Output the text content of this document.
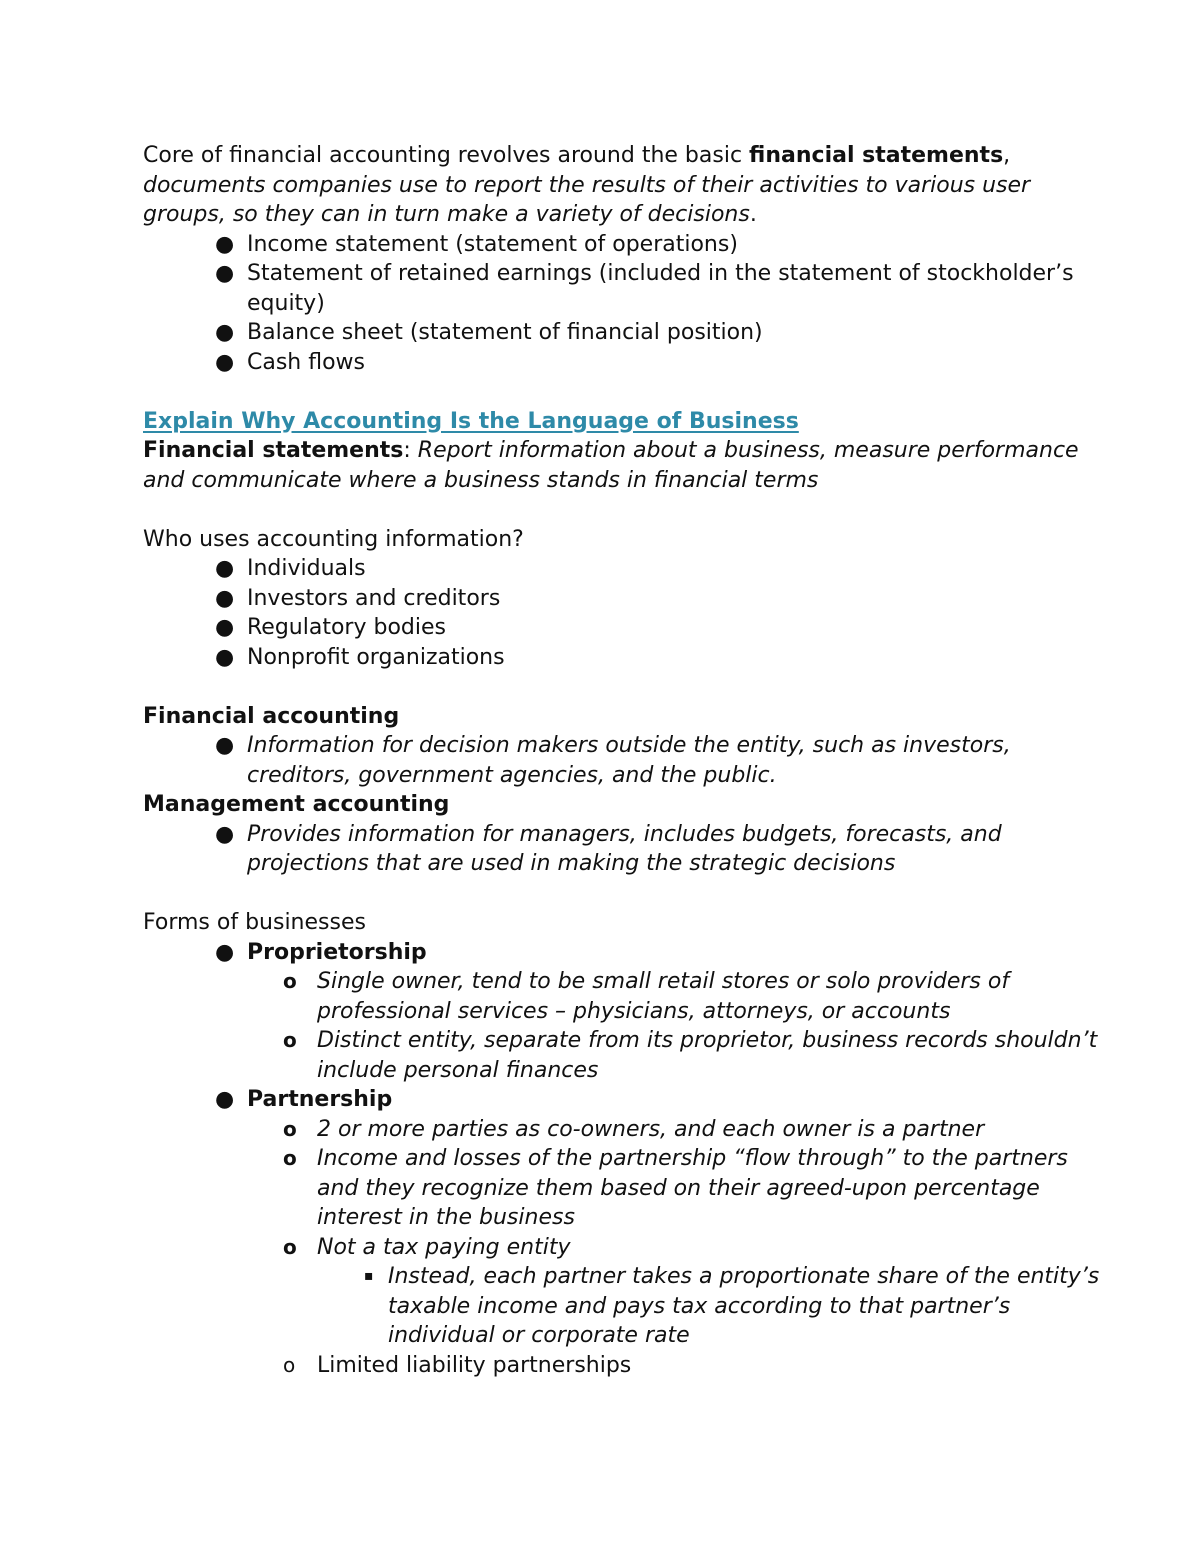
Core of financial accounting revolves around the basic financial statements, documents companies use to report the results of their activities to various user groups, so they can in turn make a variety of decisions.

● Income statement (statement of operations)
● Statement of retained earnings (included in the statement of stockholder’s equity)
● Balance sheet (statement of financial position)
● Cash flows

Explain Why Accounting Is the Language of Business

Financial statements: Report information about a business, measure performance and communicate where a business stands in financial terms

Who uses accounting information?

● Individuals
● Investors and creditors
● Regulatory bodies
● Nonprofit organizations

Financial accounting

● Information for decision makers outside the entity, such as investors, creditors, government agencies, and the public.

Management accounting

● Provides information for managers, includes budgets, forecasts, and projections that are used in making the strategic decisions

Forms of businesses

● Proprietorship
o Single owner, tend to be small retail stores or solo providers of professional services – physicians, attorneys, or accounts
o Distinct entity, separate from its proprietor, business records shouldn’t include personal finances
● Partnership
o 2 or more parties as co-owners, and each owner is a partner
o Income and losses of the partnership “flow through” to the partners and they recognize them based on their agreed-upon percentage interest in the business
o Not a tax paying entity
▪ Instead, each partner takes a proportionate share of the entity’s taxable income and pays tax according to that partner’s individual or corporate rate
o Limited liability partnerships
